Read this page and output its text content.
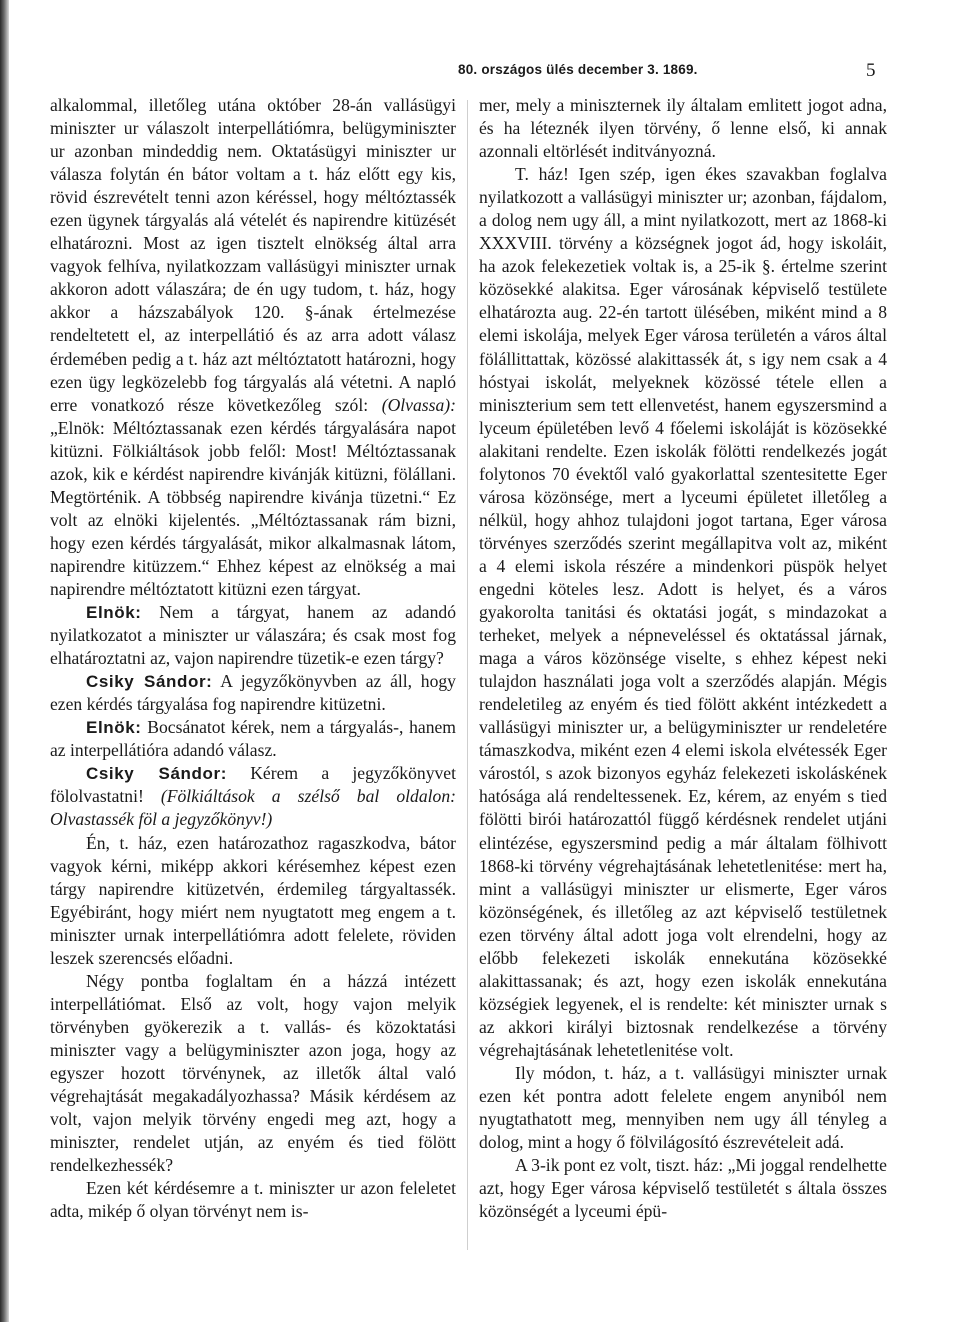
80. országos ülés december 3. 1869.	5

alkalommal, illetőleg utána október 28-án vallásügyi miniszter ur válaszolt interpellátiómra, belügyminiszter ur azonban mindeddig nem. Oktatásügyi miniszter ur válasza folytán én bátor voltam a t. ház előtt egy kis, rövid észrevételt tenni azon kéréssel, hogy méltóztassék ezen ügynek tárgyalás alá vételét és napirendre kitüzését elhatározni. Most az igen tisztelt elnökség által arra vagyok felhíva, nyilatkozzam vallásügyi miniszter urnak akkoron adott válaszára; de én ugy tudom, t. ház, hogy akkor a házszabályok 120. §-ának értelmezése rendeltetett el, az interpellátió és az arra adott válasz érdemében pedig a t. ház azt méltóztatott határozni, hogy ezen ügy legközelebb fog tárgyalás alá vétetni. A napló erre vonatkozó része következőleg szól: (Olvassa): „Elnök: Méltóztassanak ezen kérdés tárgyalására napot kitüzni. Fölkiáltások jobb felől: Most! Méltóztassanak azok, kik e kérdést napirendre kivánják kitüzni, fölállani. Megtörténik. A többség napirendre kivánja tüzetni.“ Ez volt az elnöki kijelentés. „Méltóztassanak rám bizni, hogy ezen kérdés tárgyalását, mikor alkalmasnak látom, napirendre kitüzzem.“ Ehhez képest az elnökség a mai napirendre méltóztatott kitüzni ezen tárgyat.

Elnök: Nem a tárgyat, hanem az adandó nyilatkozatot a miniszter ur válaszára; és csak most fog elhatároztatni az, vajon napirendre tüzetik-e ezen tárgy?

Csiky Sándor: A jegyzőkönyvben az áll, hogy ezen kérdés tárgyalása fog napirendre kitüzetni.

Elnök: Bocsánatot kérek, nem a tárgyalás-, hanem az interpellátióra adandó válasz.

Csiky Sándor: Kérem a jegyzőkönyvet fölolvastatni! (Fölkiáltások a szélső bal oldalon: Olvastassék föl a jegyzőkönyv!)

Én, t. ház, ezen határozathoz ragaszkodva, bátor vagyok kérni, miképp akkori kérésemhez képest ezen tárgy napirendre kitüzetvén, érdemileg tárgyaltassék. Egyébiránt, hogy miért nem nyugtatott meg engem a t. miniszter urnak interpellátiómra adott felelete, röviden leszek szerencsés előadni.

Négy pontba foglaltam én a házzá intézett interpellátiómat. Első az volt, hogy vajon melyik törvényben gyökerezik a t. vallás- és közoktatási miniszter vagy a belügyminiszter azon joga, hogy az egyszer hozott törvénynek, az illetők által való végrehajtását megakadályozhassa? Másik kérdésem az volt, vajon melyik törvény engedi meg azt, hogy a miniszter, rendelet utján, az enyém és tied fölött rendelkezhessék?

Ezen két kérdésemre a t. miniszter ur azon feleletet adta, mikép ő olyan törvényt nem is-

mer, mely a miniszternek ily általam emlitett jogot adna, és ha léteznék ilyen törvény, ő lenne első, ki annak azonnali eltörlését inditványozná.

T. ház! Igen szép, igen ékes szavakban foglalva nyilatkozott a vallásügyi miniszter ur; azonban, fájdalom, a dolog nem ugy áll, a mint nyilatkozott, mert az 1868-ki XXXVIII. törvény a községnek jogot ád, hogy iskoláit, ha azok felekezetiek voltak is, a 25-ik §. értelme szerint közösekké alakitsa. Eger városának képviselő testülete elhatározta aug. 22-én tartott ülésében, miként mind a 8 elemi iskolája, melyek Eger városa területén a város által fölállittattak, közössé alakittassék át, s igy nem csak a 4 hóstyai iskolát, melyeknek közössé tétele ellen a miniszterium sem tett ellenvetést, hanem egyszersmind a lyceum épületében levő 4 főelemi iskoláját is közösekké alakitani rendelte. Ezen iskolák fölötti rendelkezés jogát folytonos 70 évektől való gyakorlattal szentesitette Eger városa közönsége, mert a lyceumi épületet illetőleg a nélkül, hogy ahhoz tulajdoni jogot tartana, Eger városa törvényes szerződés szerint megállapitva volt az, miként a 4 elemi iskola részére a mindenkori püspök helyet engedni köteles lesz. Adott is helyet, és a város gyakorolta tanitási és oktatási jogát, s mindazokat a terheket, melyek a népneveléssel és oktatással járnak, maga a város közönsége viselte, s ehhez képest neki tulajdon használati joga volt a szerződés alapján. Mégis rendeletileg az enyém és tied fölött akként intézkedett a vallásügyi miniszter ur, a belügyminiszter ur rendeletére támaszkodva, miként ezen 4 elemi iskola elvétessék Eger várostól, s azok bizonyos egyház felekezeti iskoláskének hatósága alá rendeltessenek. Ez, kérem, az enyém s tied fölötti birói határozattól függő kérdésnek rendelet utjáni elintézése, egyszersmind pedig a már általam fölhivott 1868-ki törvény végrehajtásának lehetetlenitése: mert ha, mint a vallásügyi miniszter ur elismerte, Eger város közönségének, és illetőleg az azt képviselő testületnek ezen törvény által adott joga volt elrendelni, hogy az előbb felekezeti iskolák ennekutána közösekké alakittassanak; és azt, hogy ezen iskolák ennekutána községiek legyenek, el is rendelte: két miniszter urnak s az akkori királyi biztosnak rendelkezése a törvény végrehajtásának lehetetlenitése volt.

Ily módon, t. ház, a t. vallásügyi miniszter urnak ezen két pontra adott felelete engem anyniból nem nyugtathatott meg, mennyiben nem ugy áll tényleg a dolog, mint a hogy ő fölvilágosító észrevételeit adá.

A 3-ik pont ez volt, tiszt. ház: „Mi joggal rendelhette azt, hogy Eger városa képviselő testületét s általa összes közönségét a lyceumi épü-
